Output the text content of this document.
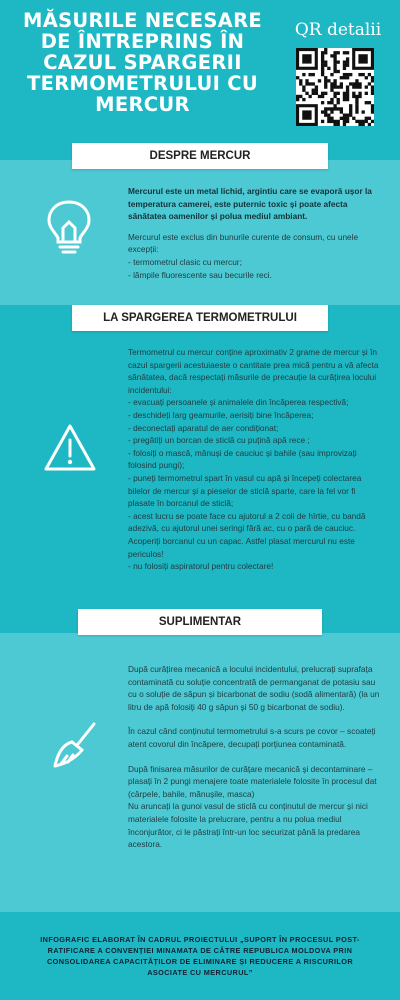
MĂSURILE NECESARE DE ÎNTREPRINS ÎN CAZUL SPARGERII TERMOMETRULUI CU MERCUR
QR detalii
DESPRE MERCUR

Mercurul este un metal lichid, argintiu care se evaporă ușor la temperatura camerei, este puternic toxic și poate afecta sănătatea oamenilor și polua mediul ambiant.

Mercurul este exclus din bunurile curente de consum, cu unele excepții:

- termometrul clasic cu mercur;
- lămpile fluorescente sau becurile reci.
LA SPARGEREA TERMOMETRULUI
Termometrul cu mercur conține aproximativ 2 grame de mercur și în cazul spargerii acestuiaeste o cantitate prea mică pentru a vă afecta sănătatea, dacă respectați măsurile de precauție la curățirea locului incidentului:
- evacuați persoanele și animalele din încăperea respectivă;
- deschideți larg geamurile, aerisiți bine încăperea;
- deconectați aparatul de aer condiționat;
- pregătiți un borcan de sticlă cu puțină apă rece ;
- folosiți o mască, mănuși de cauciuc și bahile (sau improvizați folosind pungi);
- puneți termometrul spart în vasul cu apă și începeți colectarea bilelor de mercur și a pieselor de sticlă sparte, care la fel vor fi plasate în borcanul de sticlă;
- acest lucru se poate face cu ajutorul a 2 coli de hîrtie, cu bandă adezivă, cu ajutorul unei seringi fără ac, cu o pară de cauciuc. Acoperiți borcanul cu un capac. Astfel plasat mercurul nu este periculos!
- nu folosiți aspiratorul pentru colectare!
SUPLIMENTAR

După curățirea mecanică a locului incidentului, prelucrați suprafața contaminată cu soluție concentrată de permanganat de potasiu sau cu o soluție de săpun și bicarbonat de sodiu (sodă alimentară) (la un litru de apă folosiți 40 g săpun și 50 g bicarbonat de sodiu).

În cazul când conținutul termometrului s-a scurs pe covor – scoateți atent covorul din încăpere, decupați porțiunea contaminată.

După finisarea măsurilor de curățare mecanică și decontaminare – plasați în 2 pungi menajere toate materialele folosite în procesul dat (cârpele, bahile, mănușile, masca)

Nu aruncați la gunoi vasul de sticlă cu conținutul de mercur și nici materialele folosite la prelucrare, pentru a nu polua mediul înconjurător, ci le păstrați într-un loc securizat până la predarea acestora.

INFOGRAFIC ELABORAT ÎN CADRUL PROIECTULUI „SUPORT ÎN PROCESUL POST-RATIFICARE A CONVENȚIEI MINAMATA DE CĂTRE REPUBLICA MOLDOVA PRIN CONSOLIDAREA CAPACITĂȚILOR DE ELIMINARE ȘI REDUCERE A RISCURILOR ASOCIATE CU MERCURUL”
